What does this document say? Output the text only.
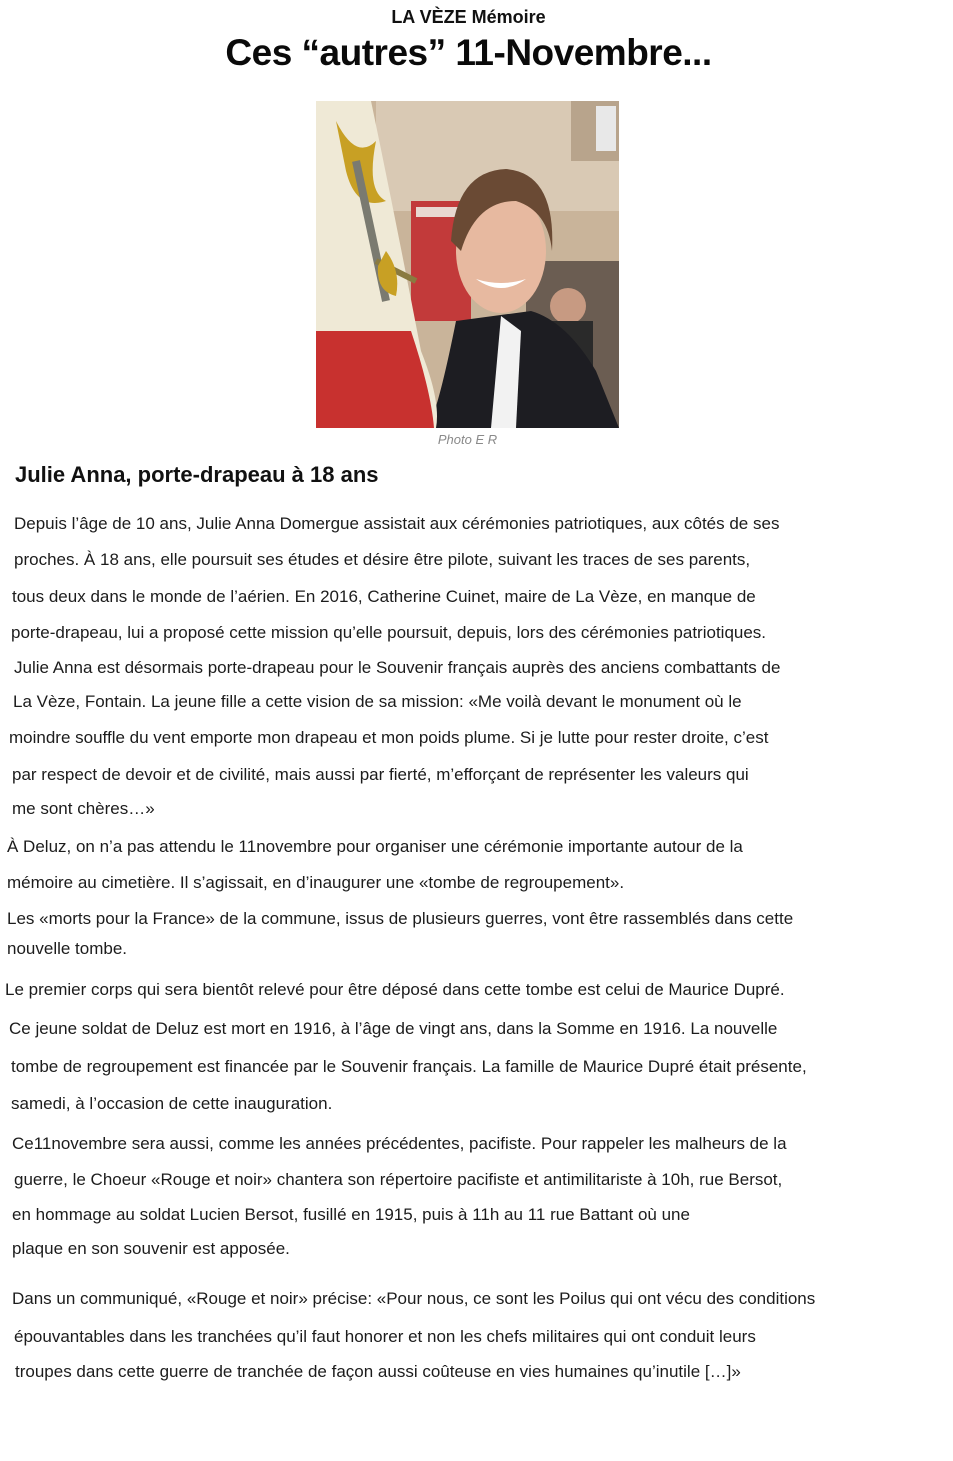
LA VÈZE Mémoire
Ces “autres” 11-Novembre...
Photo E R
Julie Anna, porte-drapeau à 18 ans
Depuis l’âge de 10 ans, Julie Anna Domergue assistait aux cérémonies patriotiques, aux côtés de ses
proches. À 18 ans, elle poursuit ses études et désire être pilote, suivant les traces de ses parents,
tous deux dans le monde de l’aérien. En 2016, Catherine Cuinet, maire de La Vèze, en manque de
porte-drapeau, lui a proposé cette mission qu’elle poursuit, depuis, lors des cérémonies patriotiques.
Julie Anna est désormais porte-drapeau pour le Souvenir français auprès des anciens combattants de
La Vèze, Fontain. La jeune fille a cette vision de sa mission: «Me voilà devant le monument où le
moindre souffle du vent emporte mon drapeau et mon poids plume. Si je lutte pour rester droite, c’est
par respect de devoir et de civilité, mais aussi par fierté, m’efforçant de représenter les valeurs qui
me sont chères…»
À Deluz, on n’a pas attendu le 11novembre pour organiser une cérémonie importante autour de la
mémoire au cimetière. Il s’agissait, en d’inaugurer une «tombe de regroupement».
Les «morts pour la France» de la commune, issus de plusieurs guerres, vont être rassemblés dans cette
nouvelle tombe.
Le premier corps qui sera bientôt relevé pour être déposé dans cette tombe est celui de Maurice Dupré.
Ce jeune soldat de Deluz est mort en 1916, à l’âge de vingt ans, dans la Somme en 1916. La nouvelle
tombe de regroupement est financée par le Souvenir français. La famille de Maurice Dupré était présente,
samedi, à l’occasion de cette inauguration.
Ce11novembre sera aussi, comme les années précédentes, pacifiste. Pour rappeler les malheurs de la
guerre, le Choeur «Rouge et noir» chantera son répertoire pacifiste et antimilitariste à 10h, rue Bersot,
en hommage au soldat Lucien Bersot, fusillé en 1915, puis à 11h au 11 rue Battant où une
plaque en son souvenir est apposée.
Dans un communiqué, «Rouge et noir» précise: «Pour nous, ce sont les Poilus qui ont vécu des conditions
épouvantables dans les tranchées qu’il faut honorer et non les chefs militaires qui ont conduit leurs
troupes dans cette guerre de tranchée de façon aussi coûteuse en vies humaines qu’inutile […]»
